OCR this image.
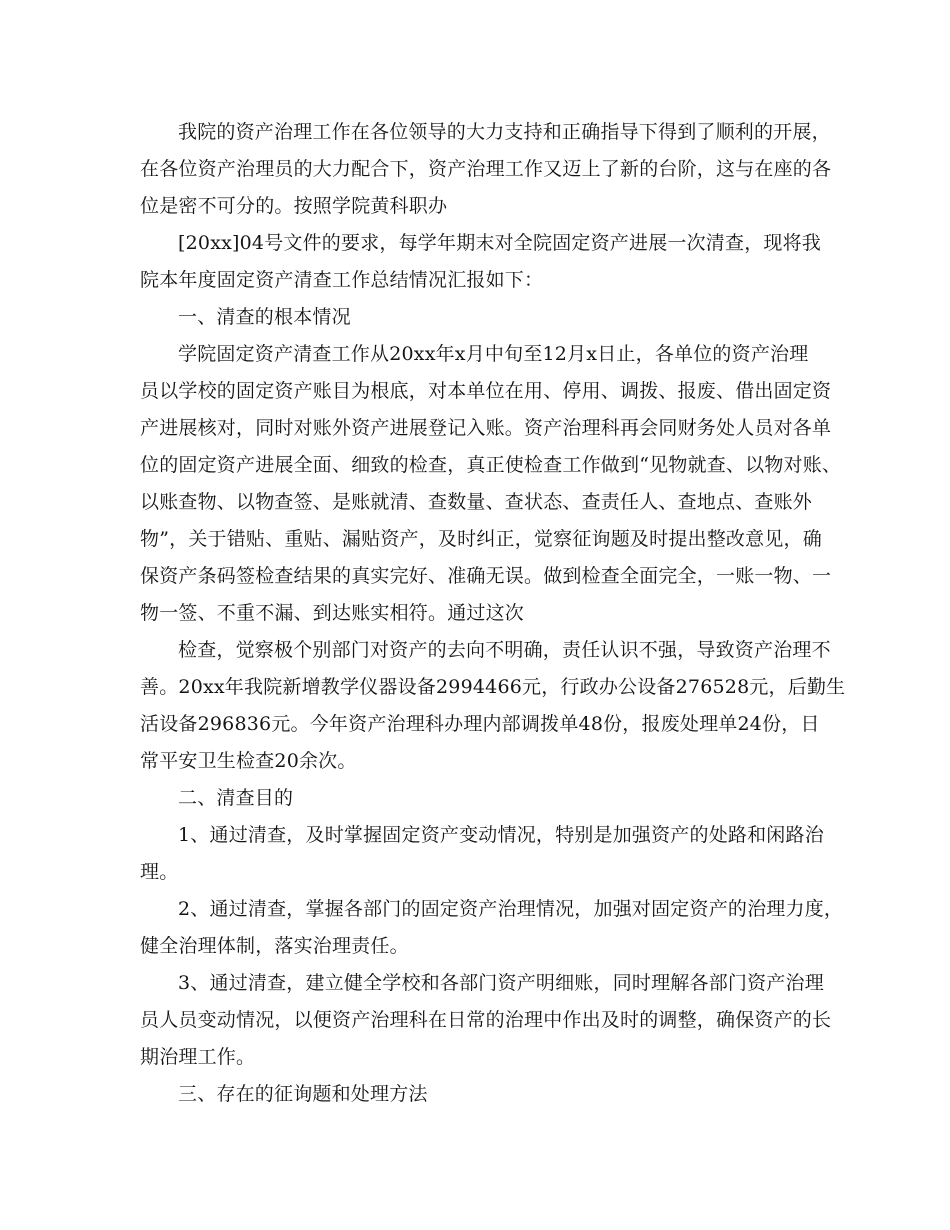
我院的资产治理工作在各位领导的大力支持和正确指导下得到了顺利的开展，
在各位资产治理员的大力配合下，资产治理工作又迈上了新的台阶，这与在座的各
位是密不可分的。按照学院黄科职办
[20xx]04号文件的要求，每学年期末对全院固定资产进展一次清查，现将我
院本年度固定资产清查工作总结情况汇报如下：
一、清查的根本情况
学院固定资产清查工作从20xx年x月中旬至12月x日止，各单位的资产治理
员以学校的固定资产账目为根底，对本单位在用、停用、调拨、报废、借出固定资
产进展核对，同时对账外资产进展登记入账。资产治理科再会同财务处人员对各单
位的固定资产进展全面、细致的检查，真正使检查工作做到“见物就查、以物对账、
以账查物、以物查签、是账就清、查数量、查状态、查责任人、查地点、查账外
物”，关于错贴、重贴、漏贴资产，及时纠正，觉察征询题及时提出整改意见，确
保资产条码签检查结果的真实完好、准确无误。做到检查全面完全，一账一物、一
物一签、不重不漏、到达账实相符。通过这次
检查，觉察极个别部门对资产的去向不明确，责任认识不强，导致资产治理不
善。20xx年我院新增教学仪器设备2994466元，行政办公设备276528元，后勤生
活设备296836元。今年资产治理科办理内部调拨单48份，报废处理单24份，日
常平安卫生检查20余次。
二、清查目的
1、通过清查，及时掌握固定资产变动情况，特别是加强资产的处路和闲路治
理。
2、通过清查，掌握各部门的固定资产治理情况，加强对固定资产的治理力度，
健全治理体制，落实治理责任。
3、通过清查，建立健全学校和各部门资产明细账，同时理解各部门资产治理
员人员变动情况，以便资产治理科在日常的治理中作出及时的调整，确保资产的长
期治理工作。
三、存在的征询题和处理方法
